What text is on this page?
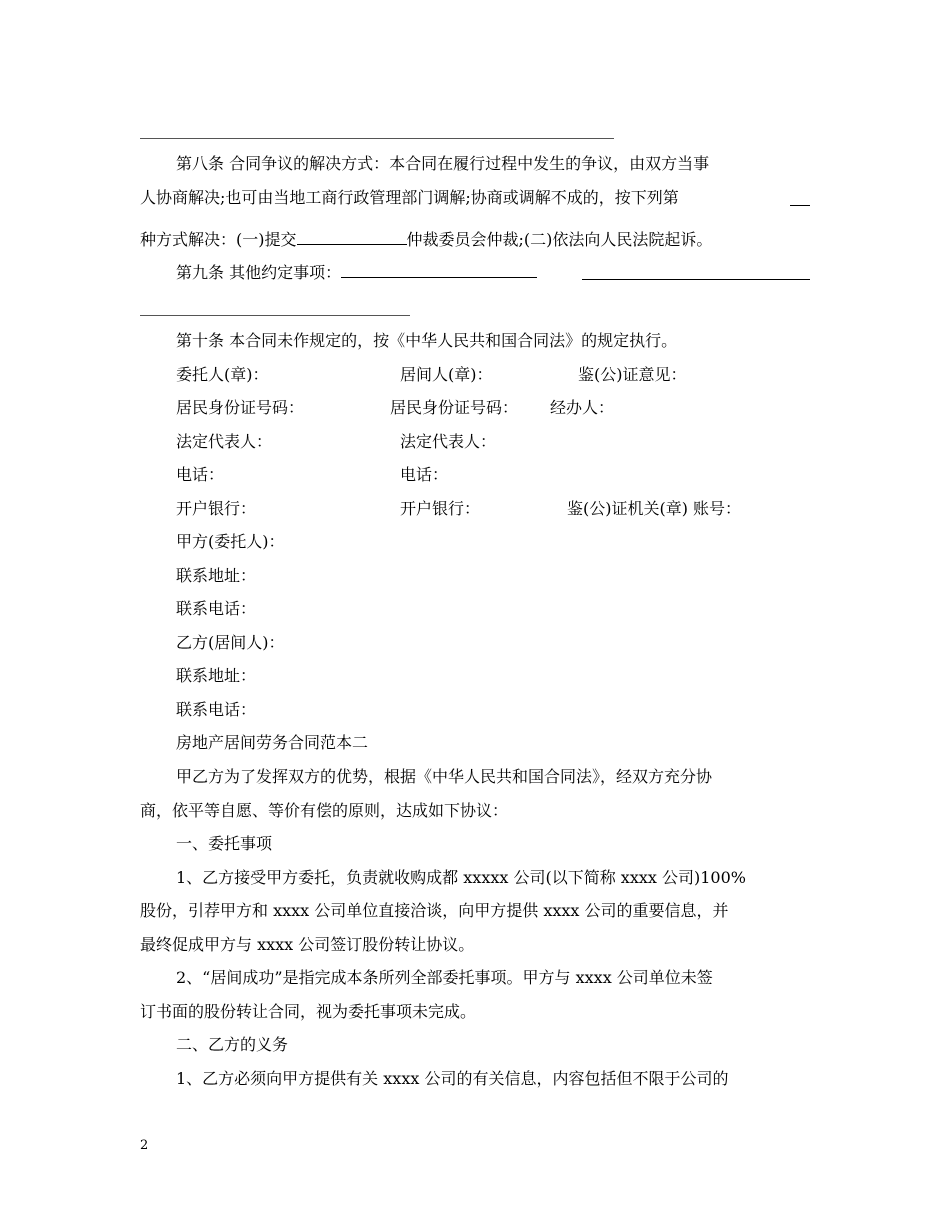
第八条 合同争议的解决方式：本合同在履行过程中发生的争议，由双方当事
人协商解决;也可由当地工商行政管理部门调解;协商或调解不成的，按下列第
种方式解决：(一)提交	仲裁委员会仲裁;(二)依法向人民法院起诉。
第九条 其他约定事项：
第十条 本合同未作规定的，按《中华人民共和国合同法》的规定执行。
委托人(章)：	居间人(章)：	鉴(公)证意见：
居民身份证号码：	居民身份证号码： 经办人：
法定代表人：	法定代表人：
电话：	电话：
开户银行：	开户银行：	鉴(公)证机关(章) 账号：
甲方(委托人)：
联系地址：
联系电话：
乙方(居间人)：
联系地址：
联系电话：
房地产居间劳务合同范本二
甲乙方为了发挥双方的优势，根据《中华人民共和国合同法》，经双方充分协
商，依平等自愿、等价有偿的原则，达成如下协议：
一、委托事项
1、乙方接受甲方委托，负责就收购成都 xxxxx 公司(以下简称 xxxx 公司)100%
股份，引荐甲方和 xxxx 公司单位直接洽谈，向甲方提供 xxxx 公司的重要信息，并
最终促成甲方与 xxxx 公司签订股份转让协议。
2、“居间成功”是指完成本条所列全部委托事项。甲方与 xxxx 公司单位未签
订书面的股份转让合同，视为委托事项未完成。
二、乙方的义务
1、乙方必须向甲方提供有关 xxxx 公司的有关信息，内容包括但不限于公司的
2
